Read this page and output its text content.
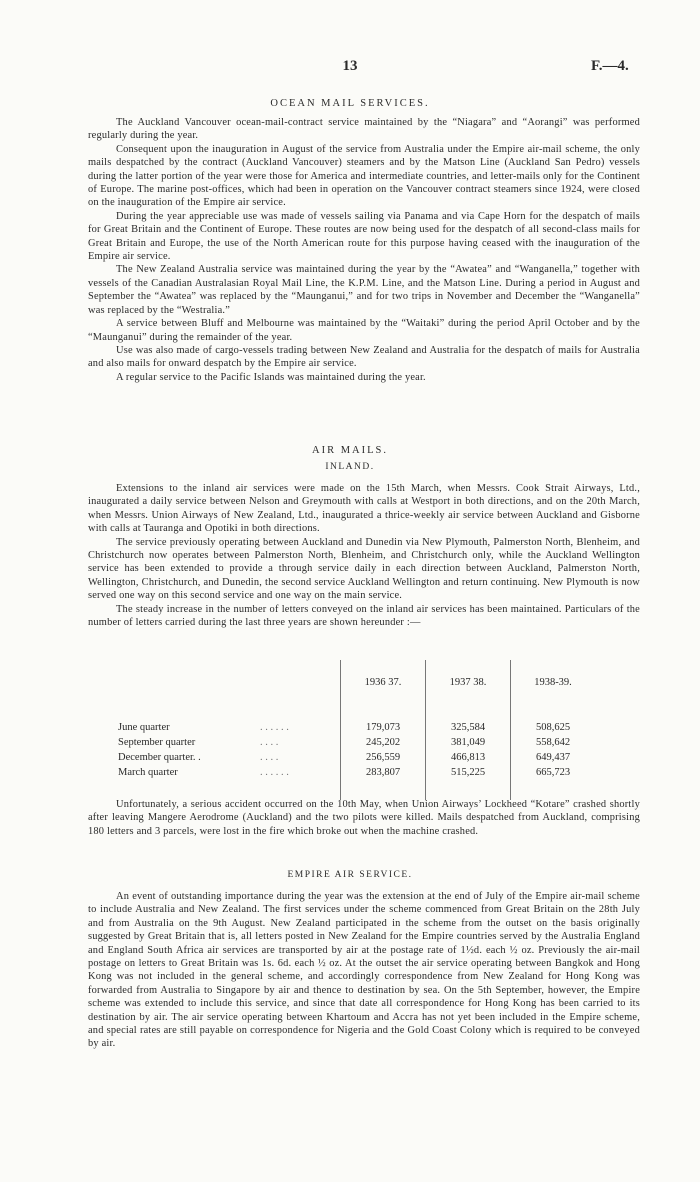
13	F.—4.
OCEAN MAIL SERVICES.

The Auckland Vancouver ocean-mail-contract service maintained by the “Niagara” and “Aorangi” was performed regularly during the year.

Consequent upon the inauguration in August of the service from Australia under the Empire air-mail scheme, the only mails despatched by the contract (Auckland Vancouver) steamers and by the Matson Line (Auckland San Pedro) vessels during the latter portion of the year were those for America and intermediate countries, and letter-mails only for the Continent of Europe. The marine post-offices, which had been in operation on the Vancouver contract steamers since 1924, were closed on the inauguration of the Empire air service.

During the year appreciable use was made of vessels sailing via Panama and via Cape Horn for the despatch of mails for Great Britain and the Continent of Europe. These routes are now being used for the despatch of all second-class mails for Great Britain and Europe, the use of the North American route for this purpose having ceased with the inauguration of the Empire air service.

The New Zealand Australia service was maintained during the year by the “Awatea” and “Wanganella,” together with vessels of the Canadian Australasian Royal Mail Line, the K.P.M. Line, and the Matson Line. During a period in August and September the “Awatea” was replaced by the “Maunganui,” and for two trips in November and December the “Wanganella” was replaced by the “Westralia.”

A service between Bluff and Melbourne was maintained by the “Waitaki” during the period April October and by the “Maunganui” during the remainder of the year.

Use was also made of cargo-vessels trading between New Zealand and Australia for the despatch of mails for Australia and also mails for onward despatch by the Empire air service.

A regular service to the Pacific Islands was maintained during the year.

AIR MAILS.
INLAND.

Extensions to the inland air services were made on the 15th March, when Messrs. Cook Strait Airways, Ltd., inaugurated a daily service between Nelson and Greymouth with calls at Westport in both directions, and on the 20th March, when Messrs. Union Airways of New Zealand, Ltd., inaugurated a thrice-weekly air service between Auckland and Gisborne with calls at Tauranga and Opotiki in both directions.

The service previously operating between Auckland and Dunedin via New Plymouth, Palmerston North, Blenheim, and Christchurch now operates between Palmerston North, Blenheim, and Christchurch only, while the Auckland Wellington service has been extended to provide a through service daily in each direction between Auckland, Palmerston North, Wellington, Christchurch, and Dunedin, the second service Auckland Wellington and return continuing. New Plymouth is now served one way on this second service and one way on the main service.

The steady increase in the number of letters conveyed on the inland air services has been maintained. Particulars of the number of letters carried during the last three years are shown hereunder :—

		1936 37.	1937 38.	1938-39.

June quarter	. . . . . .	179,073	325,584	508,625
September quarter	. . . .	245,202	381,049	558,642
December quarter. .	. . . .	256,559	466,813	649,437
March quarter	. . . . . .	283,807	515,225	665,723

Unfortunately, a serious accident occurred on the 10th May, when Union Airways’ Lockheed “Kotare” crashed shortly after leaving Mangere Aerodrome (Auckland) and the two pilots were killed. Mails despatched from Auckland, comprising 180 letters and 3 parcels, were lost in the fire which broke out when the machine crashed.

EMPIRE AIR SERVICE.

An event of outstanding importance during the year was the extension at the end of July of the Empire air-mail scheme to include Australia and New Zealand. The first services under the scheme commenced from Great Britain on the 28th July and from Australia on the 9th August. New Zealand participated in the scheme from the outset on the basis originally suggested by Great Britain that is, all letters posted in New Zealand for the Empire countries served by the Australia England and England South Africa air services are transported by air at the postage rate of 1½d. each ½ oz. Previously the air-mail postage on letters to Great Britain was 1s. 6d. each ½ oz. At the outset the air service operating between Bangkok and Hong Kong was not included in the general scheme, and accordingly correspondence from New Zealand for Hong Kong was forwarded from Australia to Singapore by air and thence to destination by sea. On the 5th September, however, the Empire scheme was extended to include this service, and since that date all correspondence for Hong Kong has been carried to its destination by air. The air service operating between Khartoum and Accra has not yet been included in the Empire scheme, and special rates are still payable on correspondence for Nigeria and the Gold Coast Colony which is required to be conveyed by air.
